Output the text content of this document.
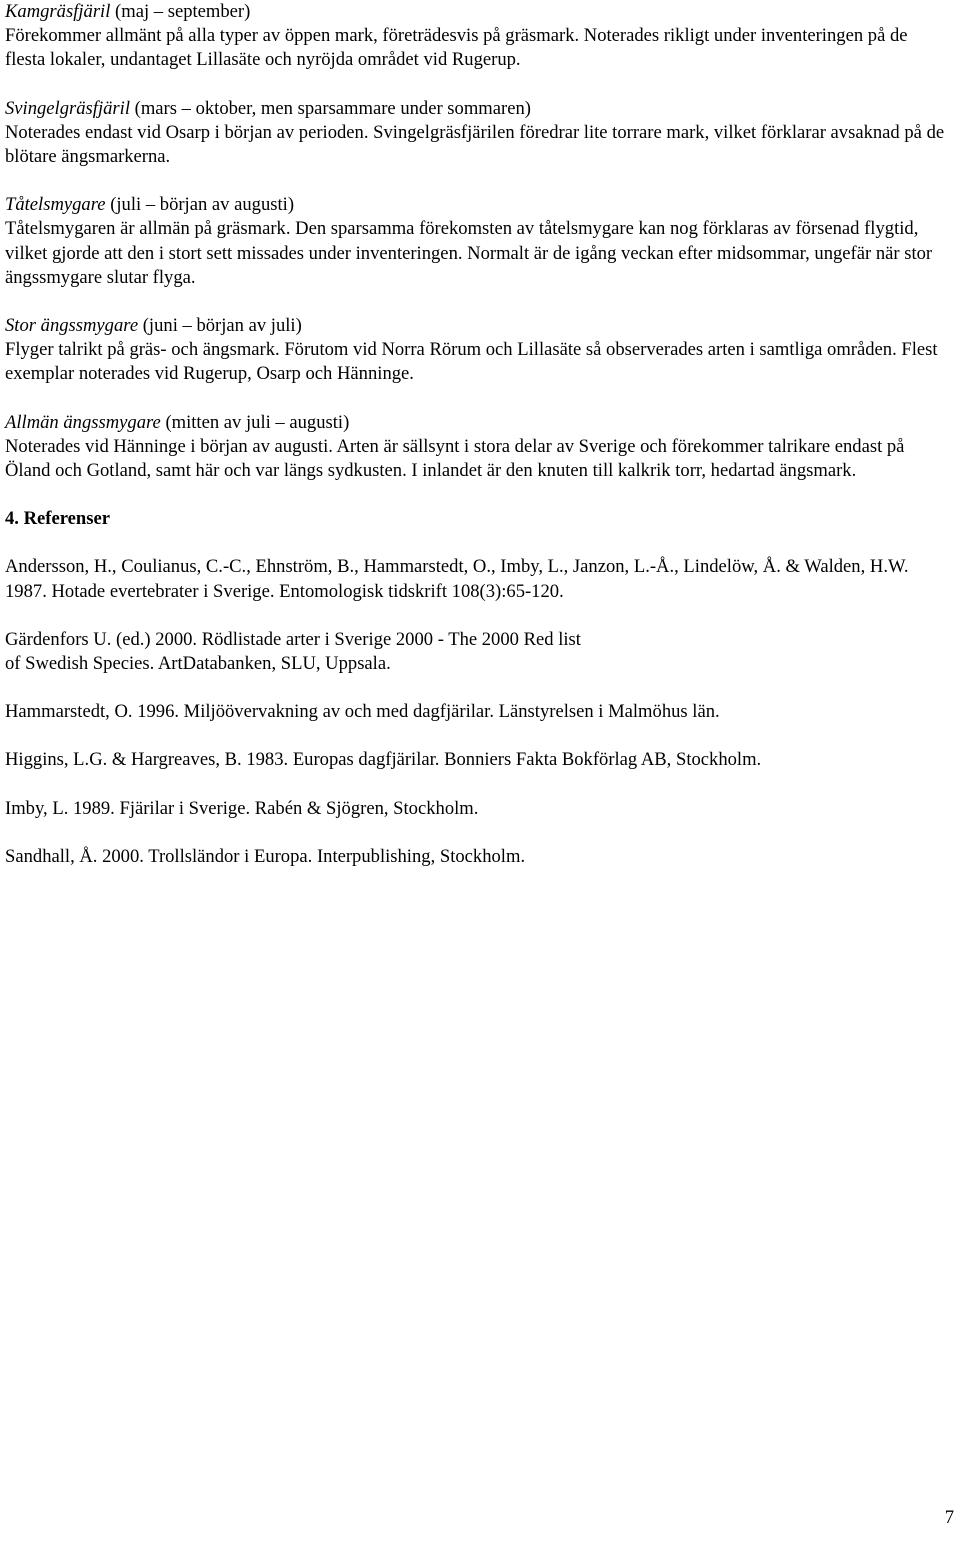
Kamgräsfjäril (maj – september)

Förekommer allmänt på alla typer av öppen mark, företrädesvis på gräsmark. Noterades rikligt under inventeringen på de flesta lokaler, undantaget Lillasäte och nyröjda området vid Rugerup.

Svingelgräsfjäril (mars – oktober, men sparsammare under sommaren)

Noterades endast vid Osarp i början av perioden. Svingelgräsfjärilen föredrar lite torrare mark, vilket förklarar avsaknad på de blötare ängsmarkerna.

Tåtelsmygare (juli – början av augusti)

Tåtelsmygaren är allmän på gräsmark. Den sparsamma förekomsten av tåtelsmygare kan nog förklaras av försenad flygtid, vilket gjorde att den i stort sett missades under inventeringen. Normalt är de igång veckan efter midsommar, ungefär när stor ängssmygare slutar flyga.

Stor ängssmygare (juni – början av juli)

Flyger talrikt på gräs- och ängsmark. Förutom vid Norra Rörum och Lillasäte så observerades arten i samtliga områden. Flest exemplar noterades vid Rugerup, Osarp och Hänninge.

Allmän ängssmygare (mitten av juli – augusti)

Noterades vid Hänninge i början av augusti. Arten är sällsynt i stora delar av Sverige och förekommer talrikare endast på Öland och Gotland, samt här och var längs sydkusten. I inlandet är den knuten till kalkrik torr, hedartad ängsmark.

4. Referenser

Andersson, H., Coulianus, C.-C., Ehnström, B., Hammarstedt, O., Imby, L., Janzon, L.-Å., Lindelöw, Å. & Walden, H.W. 1987. Hotade evertebrater i Sverige. Entomologisk tidskrift 108(3):65-120.

Gärdenfors U. (ed.) 2000. Rödlistade arter i Sverige 2000 - The 2000 Red list
of Swedish Species. ArtDatabanken, SLU, Uppsala.

Hammarstedt, O. 1996. Miljöövervakning av och med dagfjärilar. Länstyrelsen i Malmöhus län.

Higgins, L.G. & Hargreaves, B. 1983. Europas dagfjärilar. Bonniers Fakta Bokförlag AB, Stockholm.

Imby, L. 1989. Fjärilar i Sverige. Rabén & Sjögren, Stockholm.

Sandhall, Å. 2000. Trollsländor i Europa. Interpublishing, Stockholm.

7
